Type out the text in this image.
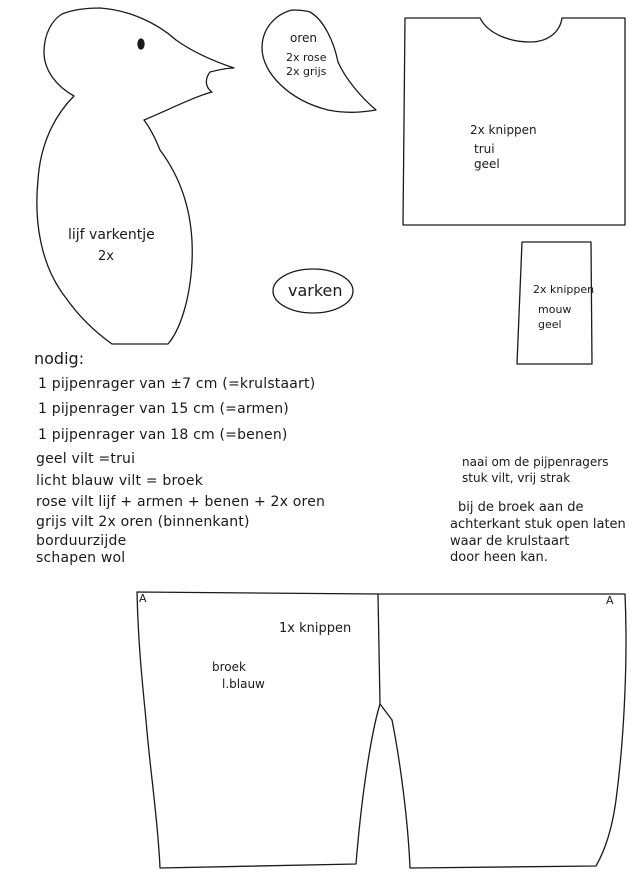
lijf varkentje
2x
oren
2x rose
2x grijs
2x knippen
trui
geel
2x knippen
mouw
geel
varken
nodig:
1 pijpenrager van ±7 cm (=krulstaart)
1 pijpenrager van 15 cm (=armen)
1 pijpenrager van 18 cm (=benen)
geel vilt =trui
licht blauw vilt = broek
rose vilt lijf + armen + benen + 2x oren
grijs vilt 2x oren (binnenkant)
borduurzijde
schapen wol
naai om de pijpenragers
stuk vilt, vrij strak
bij de broek aan de
achterkant stuk open laten
waar de krulstaart
door heen kan.
A	A
1x knippen
broek
l.blauw
